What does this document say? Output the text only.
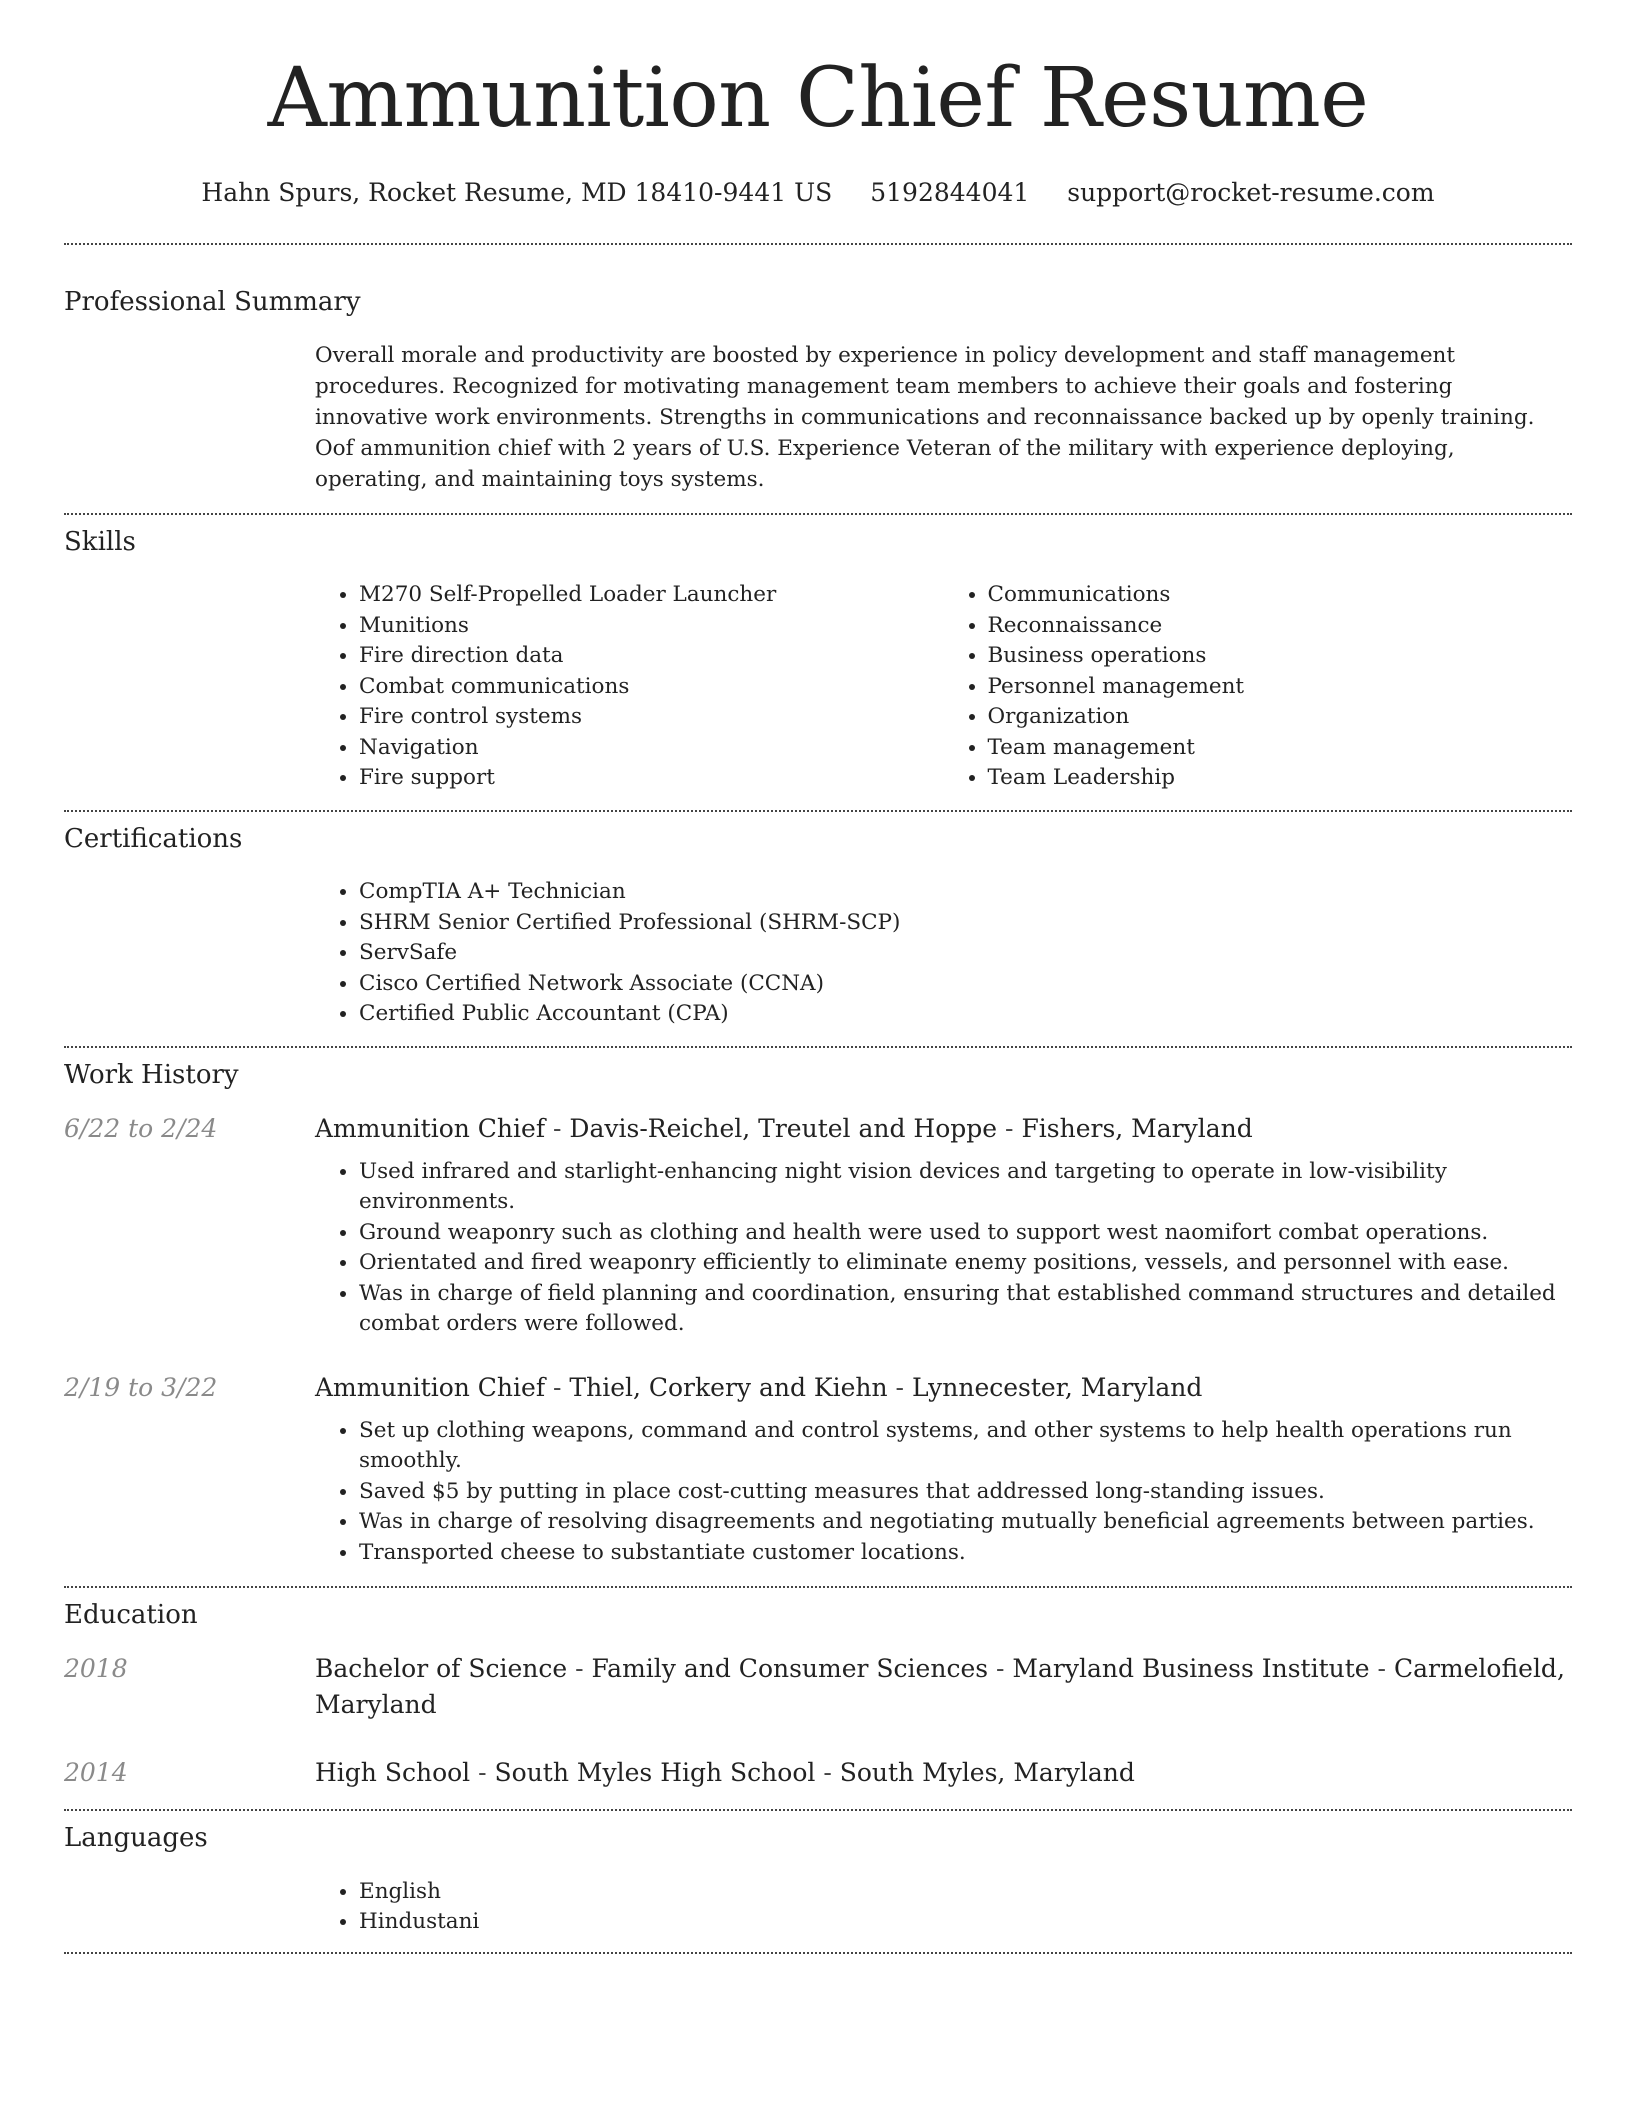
Ammunition Chief Resume
Hahn Spurs, Rocket Resume, MD 18410-9441 US 5192844041 support@rocket-resume.com
Professional Summary

Overall morale and productivity are boosted by experience in policy development and staff management procedures. Recognized for motivating management team members to achieve their goals and fostering innovative work environments. Strengths in communications and reconnaissance backed up by openly training. Oof ammunition chief with 2 years of U.S. Experience Veteran of the military with experience deploying, operating, and maintaining toys systems.

Skills
• M270 Self-Propelled Loader Launcher
• Munitions
• Fire direction data
• Combat communications
• Fire control systems
• Navigation
• Fire support
• Communications
• Reconnaissance
• Business operations
• Personnel management
• Organization
• Team management
• Team Leadership
Certifications
• CompTIA A+ Technician
• SHRM Senior Certified Professional (SHRM-SCP)
• ServSafe
• Cisco Certified Network Associate (CCNA)
• Certified Public Accountant (CPA)
Work History
6/22 to 2/24	Ammunition Chief - Davis-Reichel, Treutel and Hoppe - Fishers, Maryland
• Used infrared and starlight-enhancing night vision devices and targeting to operate in low-visibility environments.
• Ground weaponry such as clothing and health were used to support west naomifort combat operations.
• Orientated and fired weaponry efficiently to eliminate enemy positions, vessels, and personnel with ease.
• Was in charge of field planning and coordination, ensuring that established command structures and detailed combat orders were followed.
2/19 to 3/22	Ammunition Chief - Thiel, Corkery and Kiehn - Lynnecester, Maryland
• Set up clothing weapons, command and control systems, and other systems to help health operations run smoothly.
• Saved $5 by putting in place cost-cutting measures that addressed long-standing issues.
• Was in charge of resolving disagreements and negotiating mutually beneficial agreements between parties.
• Transported cheese to substantiate customer locations.
Education
2018	Bachelor of Science - Family and Consumer Sciences - Maryland Business Institute - Carmelofield, Maryland
2014	High School - South Myles High School - South Myles, Maryland
Languages
• English
• Hindustani
